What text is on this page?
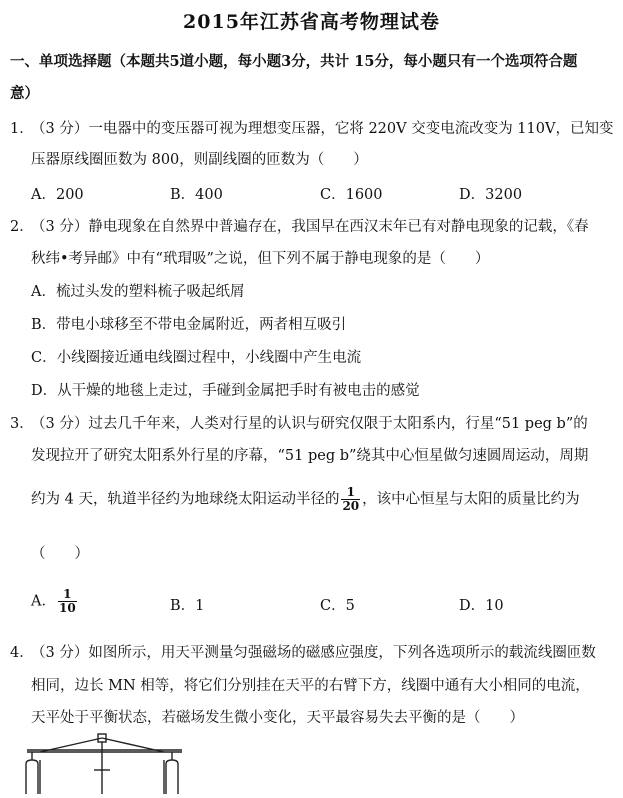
2015年江苏省高考物理试卷
一、单项选择题（本题共5道小题，每小题3分，共计 15分，每小题只有一个选项符合题
意）
1．
（3 分）一电器中的变压器可视为理想变压器，它将 220V 交变电流改变为 110V，已知变
压器原线圈匝数为 800，则副线圈的匝数为（　　）
A．200	B．400	C．1600	D．3200
2．
（3 分）静电现象在自然界中普遍存在，我国早在西汉末年已有对静电现象的记载，《春
秋纬•考异邮》中有“玳瑁吸”之说，但下列不属于静电现象的是（　　）
A．梳过头发的塑料梳子吸起纸屑
B．带电小球移至不带电金属附近，两者相互吸引
C．小线圈接近通电线圈过程中，小线圈中产生电流
D．从干燥的地毯上走过，手碰到金属把手时有被电击的感觉
3．
（3 分）过去几千年来，人类对行星的认识与研究仅限于太阳系内，行星“51 peg b”的
发现拉开了研究太阳系外行星的序幕，“51 peg b”绕其中心恒星做匀速圆周运动，周期
约为 4 天，轨道半径约为地球绕太阳运动半径的 $\frac{1}{20}$ ，该中心恒星与太阳的质量比约为
（　　）
A． $\frac{1}{10}$	B．1	C．5	D．10
4．
（3 分）如图所示，用天平测量匀强磁场的磁感应强度，下列各选项所示的载流线圈匝数
相同，边长 MN 相等，将它们分别挂在天平的右臂下方，线圈中通有大小相同的电流，
天平处于平衡状态，若磁场发生微小变化，天平最容易失去平衡的是（　　）
